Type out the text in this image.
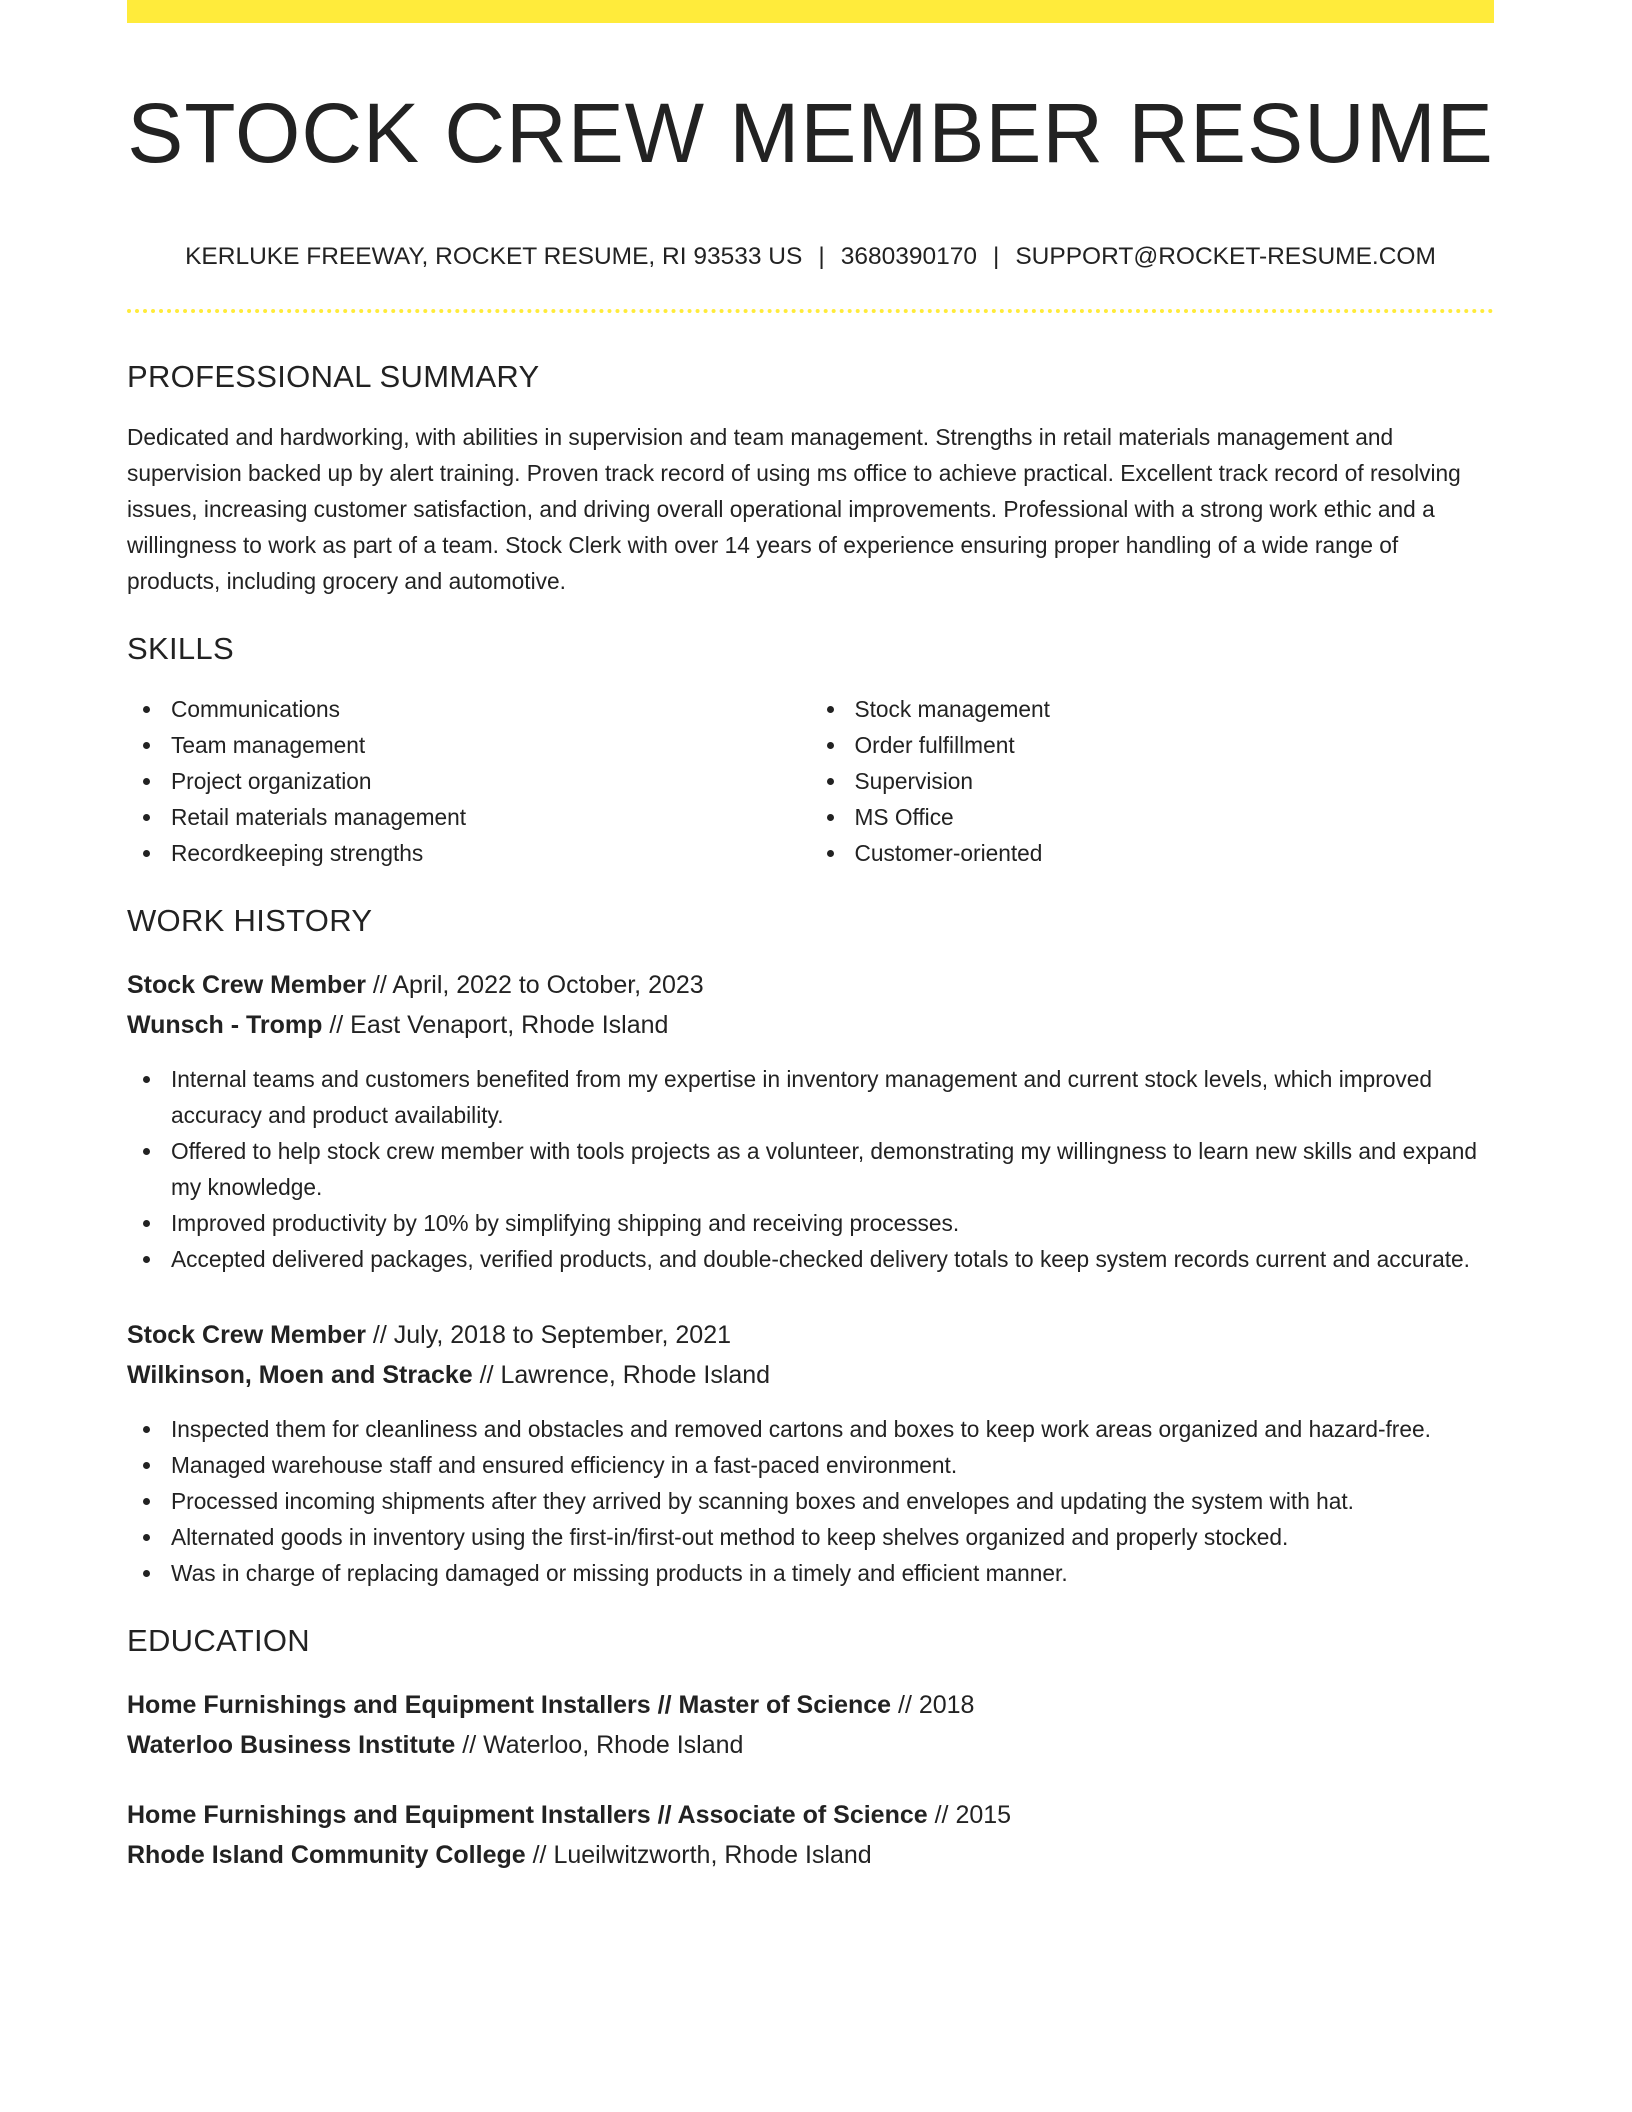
STOCK CREW MEMBER RESUME
KERLUKE FREEWAY, ROCKET RESUME, RI 93533 US | 3680390170 | SUPPORT@ROCKET-RESUME.COM
PROFESSIONAL SUMMARY
Dedicated and hardworking, with abilities in supervision and team management. Strengths in retail materials management and supervision backed up by alert training. Proven track record of using ms office to achieve practical. Excellent track record of resolving issues, increasing customer satisfaction, and driving overall operational improvements. Professional with a strong work ethic and a willingness to work as part of a team. Stock Clerk with over 14 years of experience ensuring proper handling of a wide range of products, including grocery and automotive.
SKILLS
Communications
Team management
Project organization
Retail materials management
Recordkeeping strengths
Stock management
Order fulfillment
Supervision
MS Office
Customer-oriented
WORK HISTORY
Stock Crew Member // April, 2022 to October, 2023
Wunsch - Tromp // East Venaport, Rhode Island
Internal teams and customers benefited from my expertise in inventory management and current stock levels, which improved accuracy and product availability.
Offered to help stock crew member with tools projects as a volunteer, demonstrating my willingness to learn new skills and expand my knowledge.
Improved productivity by 10% by simplifying shipping and receiving processes.
Accepted delivered packages, verified products, and double-checked delivery totals to keep system records current and accurate.
Stock Crew Member // July, 2018 to September, 2021
Wilkinson, Moen and Stracke // Lawrence, Rhode Island
Inspected them for cleanliness and obstacles and removed cartons and boxes to keep work areas organized and hazard-free.
Managed warehouse staff and ensured efficiency in a fast-paced environment.
Processed incoming shipments after they arrived by scanning boxes and envelopes and updating the system with hat.
Alternated goods in inventory using the first-in/first-out method to keep shelves organized and properly stocked.
Was in charge of replacing damaged or missing products in a timely and efficient manner.
EDUCATION
Home Furnishings and Equipment Installers // Master of Science // 2018
Waterloo Business Institute // Waterloo, Rhode Island
Home Furnishings and Equipment Installers // Associate of Science // 2015
Rhode Island Community College // Lueilwitzworth, Rhode Island
